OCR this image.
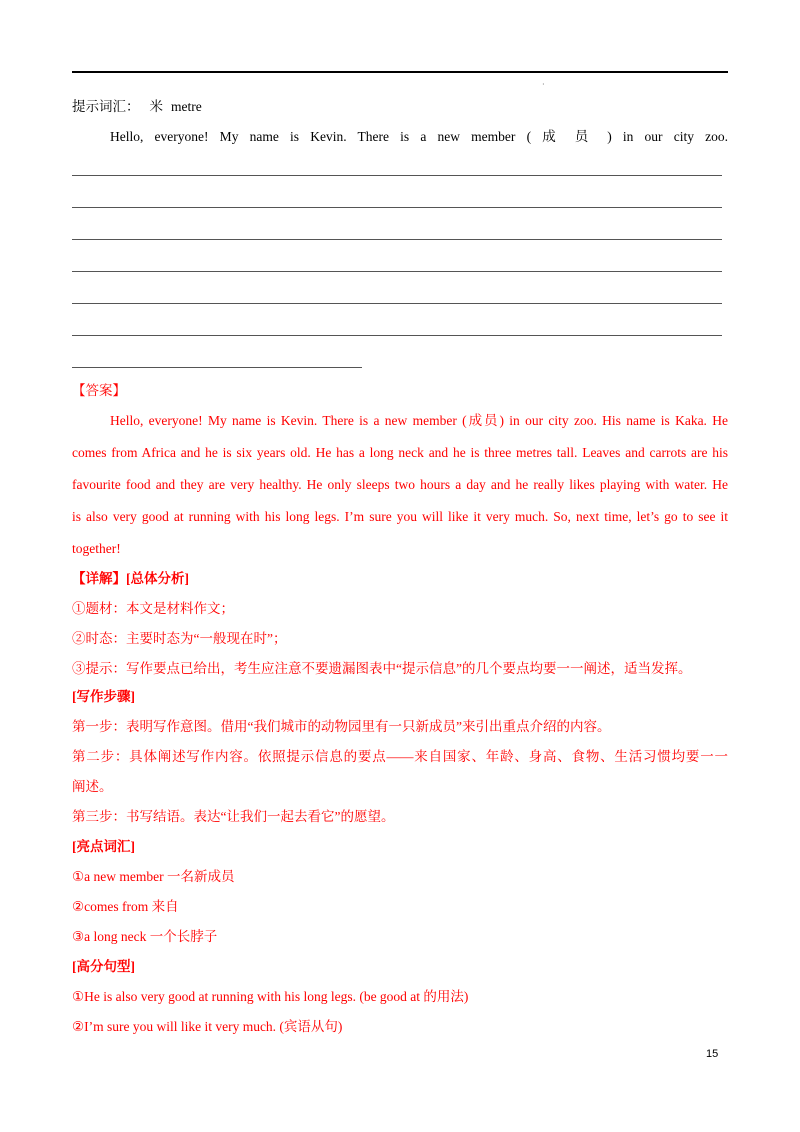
·
提示词汇： 米 metre
Hello, everyone! My name is Kevin. There is a new member ( 成 员 ) in our city zoo.
【答案】
Hello, everyone! My name is Kevin. There is a new member (成员) in our city zoo. His name is Kaka. He
comes from Africa and he is six years old. He has a long neck and he is three metres tall. Leaves and carrots are his
favourite food and they are very healthy. He only sleeps two hours a day and he really likes playing with water. He
is also very good at running with his long legs. I’m sure you will like it very much. So, next time, let’s go to see it
together!
【详解】[总体分析]
①题材：本文是材料作文；
②时态：主要时态为“一般现在时”；
③提示：写作要点已给出，考生应注意不要遗漏图表中“提示信息”的几个要点均要一一阐述，适当发挥。
[写作步骤]
第一步：表明写作意图。借用“我们城市的动物园里有一只新成员”来引出重点介绍的内容。
第二步：具体阐述写作内容。依照提示信息的要点——来自国家、年龄、身高、食物、生活习惯均要一一
阐述。
第三步：书写结语。表达“让我们一起去看它”的愿望。
[亮点词汇]
①a new member 一名新成员
②comes from 来自
③a long neck 一个长脖子
[高分句型]
①He is also very good at running with his long legs. (be good at 的用法)
②I’m sure you will like it very much. (宾语从句)
15
